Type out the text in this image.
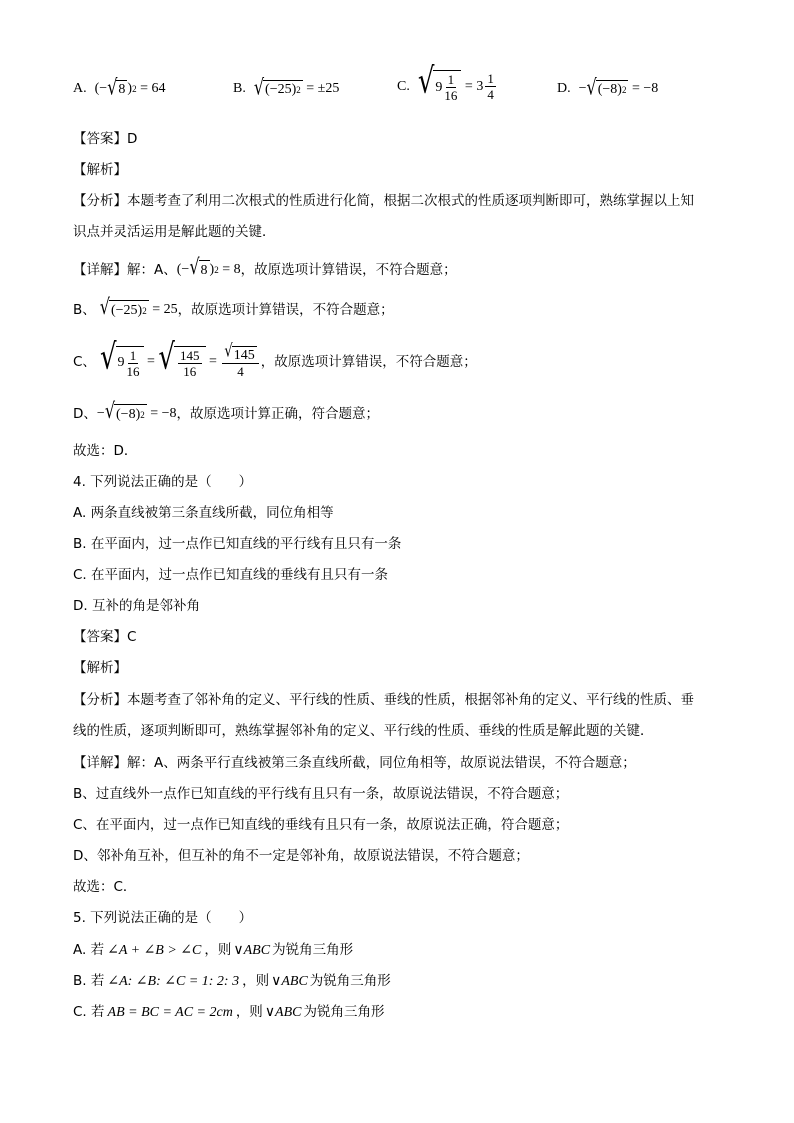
A. (− √ 8 ) 2 = 64	B. √ (−25) 2 = ±25	C. √ $9 \frac{1}{16} = 3 \frac{1}{4}$	D. − √ (−8) 2 = −8
【答案】D
【解析】
【分析】本题考查了利用二次根式的性质进行化简，根据二次根式的性质逐项判断即可，熟练掌握以上知
识点并灵活运用是解此题的关键．
【详解】解：A、 (− √ 8 ) 2 = 8 ，故原选项计算错误，不符合题意；
B、 √ (−25) 2 = 25 ，故原选项计算错误，不符合题意；
C、 √ $9 \frac{1}{16}$ = √ $\frac{145}{16} = \frac{√ 145}{4}$ ，故原选项计算错误，不符合题意；
D、 − √ (−8) 2 = −8 ，故原选项计算正确，符合题意；
故选：D．
4. 下列说法正确的是（　　）
A. 两条直线被第三条直线所截，同位角相等
B. 在平面内，过一点作已知直线的平行线有且只有一条
C. 在平面内，过一点作已知直线的垂线有且只有一条
D. 互补的角是邻补角
【答案】C
【解析】
【分析】本题考查了邻补角的定义、平行线的性质、垂线的性质，根据邻补角的定义、平行线的性质、垂
线的性质，逐项判断即可，熟练掌握邻补角的定义、平行线的性质、垂线的性质是解此题的关键．
【详解】解：A、两条平行直线被第三条直线所截，同位角相等，故原说法错误，不符合题意；
B、过直线外一点作已知直线的平行线有且只有一条，故原说法错误，不符合题意；
C、在平面内，过一点作已知直线的垂线有且只有一条，故原说法正确，符合题意；
D、邻补角互补，但互补的角不一定是邻补角，故原说法错误，不符合题意；
故选：C．
5. 下列说法正确的是（　　）
A. 若 ∠A + ∠B > ∠C ，则 ∨ABC 为锐角三角形
B. 若 ∠A: ∠B: ∠C = 1: 2: 3 ，则 ∨ABC 为锐角三角形
C. 若 AB = BC = AC = 2cm ，则 ∨ABC 为锐角三角形
